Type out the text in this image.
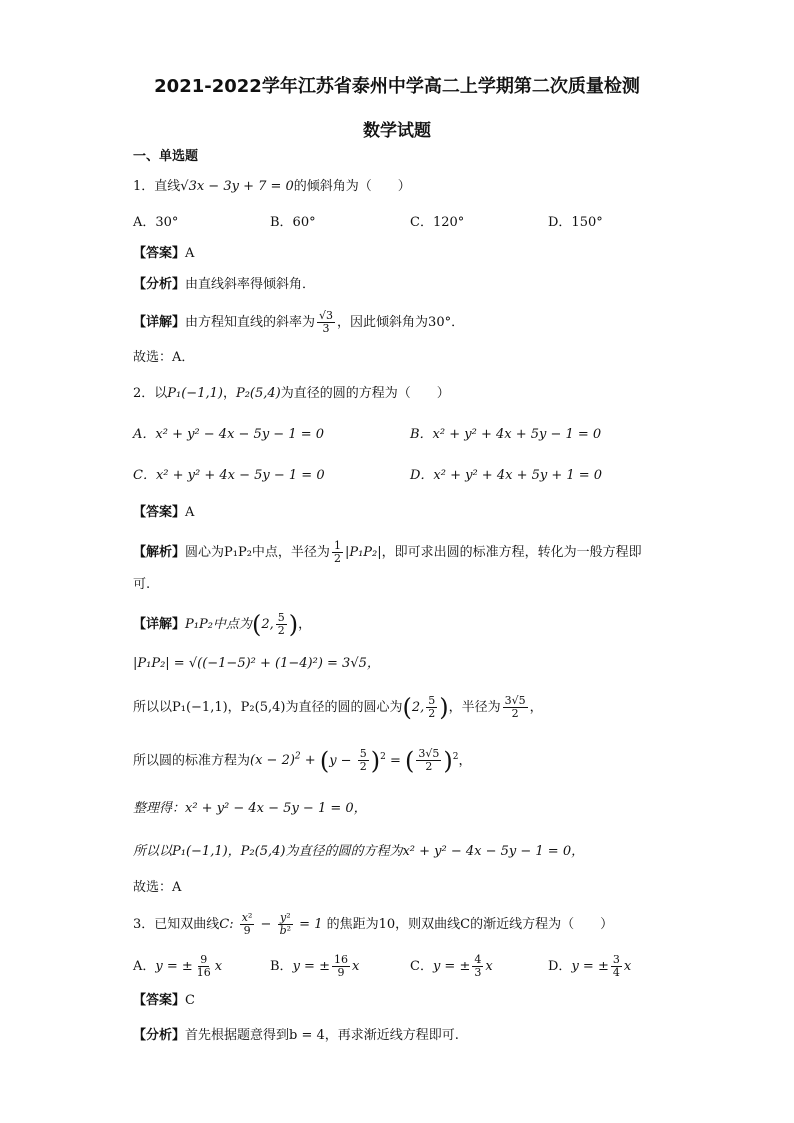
2021-2022学年江苏省泰州中学高二上学期第二次质量检测
数学试题
一、单选题
1．直线√3x − 3y + 7 = 0的倾斜角为（　　）
A．30°	B．60°	C．120°	D．150°
【答案】A
【分析】由直线斜率得倾斜角．
【详解】由方程知直线的斜率为 $\frac{√3}{3}$ ，因此倾斜角为30°．
故选：A．
2．以P₁(−1,1)，P₂(5,4)为直径的圆的方程为（　　）
A．x² + y² − 4x − 5y − 1 = 0	B．x² + y² + 4x + 5y − 1 = 0
C．x² + y² + 4x − 5y − 1 = 0	D．x² + y² + 4x + 5y + 1 = 0
【答案】A
【解析】圆心为P₁P₂中点，半径为 $\frac{1}{2} |P_1P_2|$，即可求出圆的标准方程，转化为一般方程即
可.
【详解】P₁P₂中点为(2, $\frac{5}{2}$ )，
|P₁P₂| = √((−1−5)² + (1−4)²) = 3√5，
所以以P₁(−1,1)，P₂(5,4)为直径的圆的圆心为(2, $\frac{5}{2}$ )，半径为 $\frac{3√5}{2}$ ，
所以圆的标准方程为$(x - 2)^2 + (y - \frac{5}{2} )^2$ = ( $\frac{3√5}{2} )^2$，
整理得：x² + y² − 4x − 5y − 1 = 0，
所以以P₁(−1,1)，P₂(5,4)为直径的圆的方程为x² + y² − 4x − 5y − 1 = 0，
故选：A
3．已知双曲线C: $\frac{\text{x²}}{9} - \frac{\text{y²}}{\text{b²}} = 1$ 的焦距为10，则双曲线C的渐近线方程为（　　）
A．y = ± $\frac{9}{16}$ x	B．y = ± $\frac{16}{9}$ x	C．y = ± $\frac{4}{3}$ x	D．y = ± $\frac{3}{4}$ x
【答案】C
【分析】首先根据题意得到b = 4，再求渐近线方程即可.
